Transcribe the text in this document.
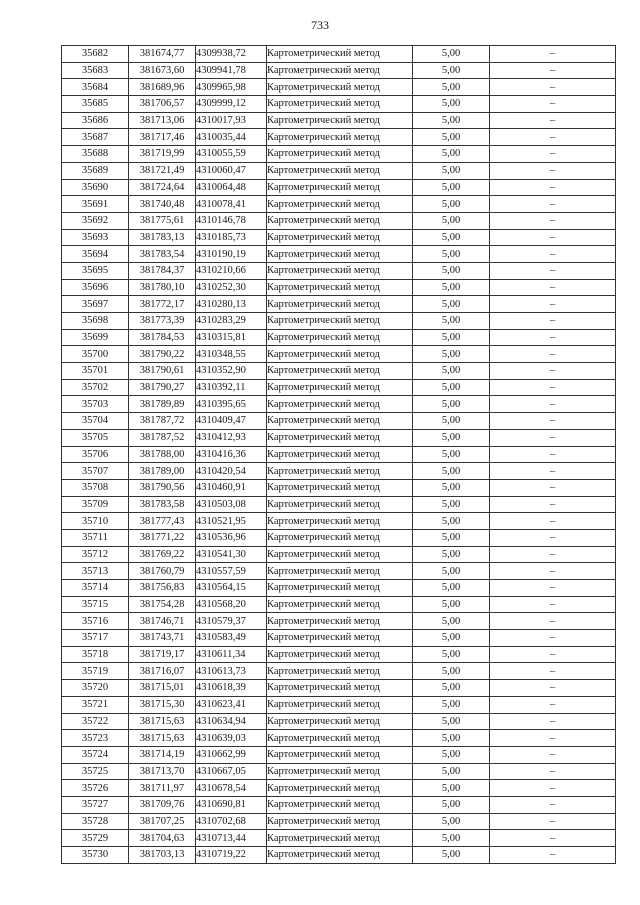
733
35682	381674,77	4309938,72	Картометрический метод	5,00	–
35683	381673,60	4309941,78	Картометрический метод	5,00	–
35684	381689,96	4309965,98	Картометрический метод	5,00	–
35685	381706,57	4309999,12	Картометрический метод	5,00	–
35686	381713,06	4310017,93	Картометрический метод	5,00	–
35687	381717,46	4310035,44	Картометрический метод	5,00	–
35688	381719,99	4310055,59	Картометрический метод	5,00	–
35689	381721,49	4310060,47	Картометрический метод	5,00	–
35690	381724,64	4310064,48	Картометрический метод	5,00	–
35691	381740,48	4310078,41	Картометрический метод	5,00	–
35692	381775,61	4310146,78	Картометрический метод	5,00	–
35693	381783,13	4310185,73	Картометрический метод	5,00	–
35694	381783,54	4310190,19	Картометрический метод	5,00	–
35695	381784,37	4310210,66	Картометрический метод	5,00	–
35696	381780,10	4310252,30	Картометрический метод	5,00	–
35697	381772,17	4310280,13	Картометрический метод	5,00	–
35698	381773,39	4310283,29	Картометрический метод	5,00	–
35699	381784,53	4310315,81	Картометрический метод	5,00	–
35700	381790,22	4310348,55	Картометрический метод	5,00	–
35701	381790,61	4310352,90	Картометрический метод	5,00	–
35702	381790,27	4310392,11	Картометрический метод	5,00	–
35703	381789,89	4310395,65	Картометрический метод	5,00	–
35704	381787,72	4310409,47	Картометрический метод	5,00	–
35705	381787,52	4310412,93	Картометрический метод	5,00	–
35706	381788,00	4310416,36	Картометрический метод	5,00	–
35707	381789,00	4310420,54	Картометрический метод	5,00	–
35708	381790,56	4310460,91	Картометрический метод	5,00	–
35709	381783,58	4310503,08	Картометрический метод	5,00	–
35710	381777,43	4310521,95	Картометрический метод	5,00	–
35711	381771,22	4310536,96	Картометрический метод	5,00	–
35712	381769,22	4310541,30	Картометрический метод	5,00	–
35713	381760,79	4310557,59	Картометрический метод	5,00	–
35714	381756,83	4310564,15	Картометрический метод	5,00	–
35715	381754,28	4310568,20	Картометрический метод	5,00	–
35716	381746,71	4310579,37	Картометрический метод	5,00	–
35717	381743,71	4310583,49	Картометрический метод	5,00	–
35718	381719,17	4310611,34	Картометрический метод	5,00	–
35719	381716,07	4310613,73	Картометрический метод	5,00	–
35720	381715,01	4310618,39	Картометрический метод	5,00	–
35721	381715,30	4310623,41	Картометрический метод	5,00	–
35722	381715,63	4310634,94	Картометрический метод	5,00	–
35723	381715,63	4310639,03	Картометрический метод	5,00	–
35724	381714,19	4310662,99	Картометрический метод	5,00	–
35725	381713,70	4310667,05	Картометрический метод	5,00	–
35726	381711,97	4310678,54	Картометрический метод	5,00	–
35727	381709,76	4310690,81	Картометрический метод	5,00	–
35728	381707,25	4310702,68	Картометрический метод	5,00	–
35729	381704,63	4310713,44	Картометрический метод	5,00	–
35730	381703,13	4310719,22	Картометрический метод	5,00	–
